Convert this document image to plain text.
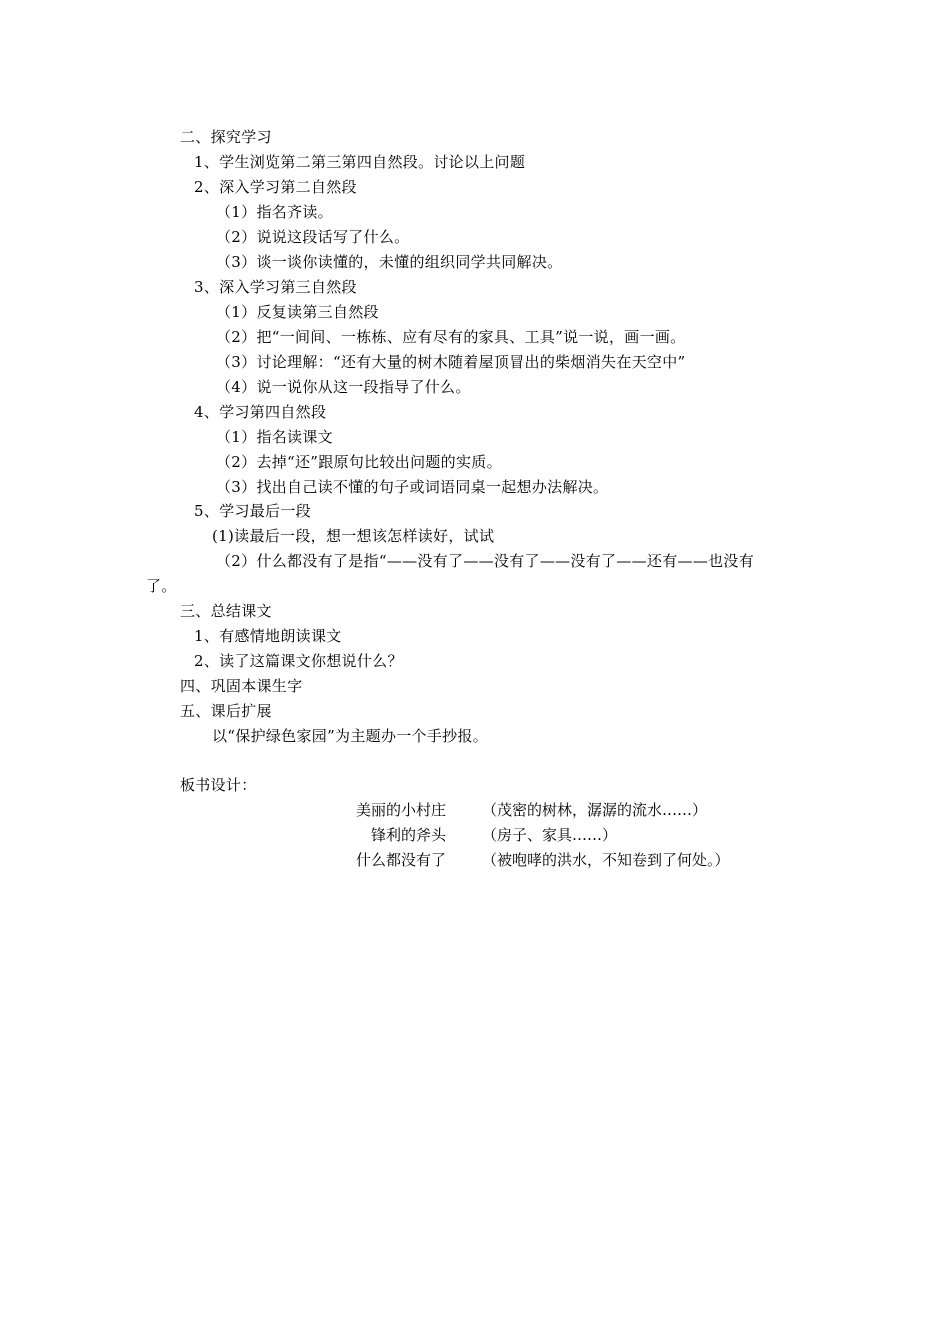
二、探究学习
1、学生浏览第二第三第四自然段。讨论以上问题
2、深入学习第二自然段
（1）指名齐读。
（2）说说这段话写了什么。
（3）谈一谈你读懂的，未懂的组织同学共同解决。
3、深入学习第三自然段
（1）反复读第三自然段
（2）把“一间间、一栋栋、应有尽有的家具、工具”说一说，画一画。
（3）讨论理解：“还有大量的树木随着屋顶冒出的柴烟消失在天空中”
（4）说一说你从这一段指导了什么。
4、学习第四自然段
（1）指名读课文
（2）去掉“还”跟原句比较出问题的实质。
（3）找出自己读不懂的句子或词语同桌一起想办法解决。
5、学习最后一段
(1)读最后一段，想一想该怎样读好，试试
（2）什么都没有了是指“——没有了——没有了——没有了——还有——也没有
了。
三、总结课文
1、有感情地朗读课文
2、读了这篇课文你想说什么？
四、巩固本课生字
五、课后扩展
以“保护绿色家园”为主题办一个手抄报。
板书设计：
美丽的小村庄 （茂密的树林，潺潺的流水……）
锋利的斧头 （房子、家具……）
什么都没有了 （被咆哮的洪水，不知卷到了何处。）
